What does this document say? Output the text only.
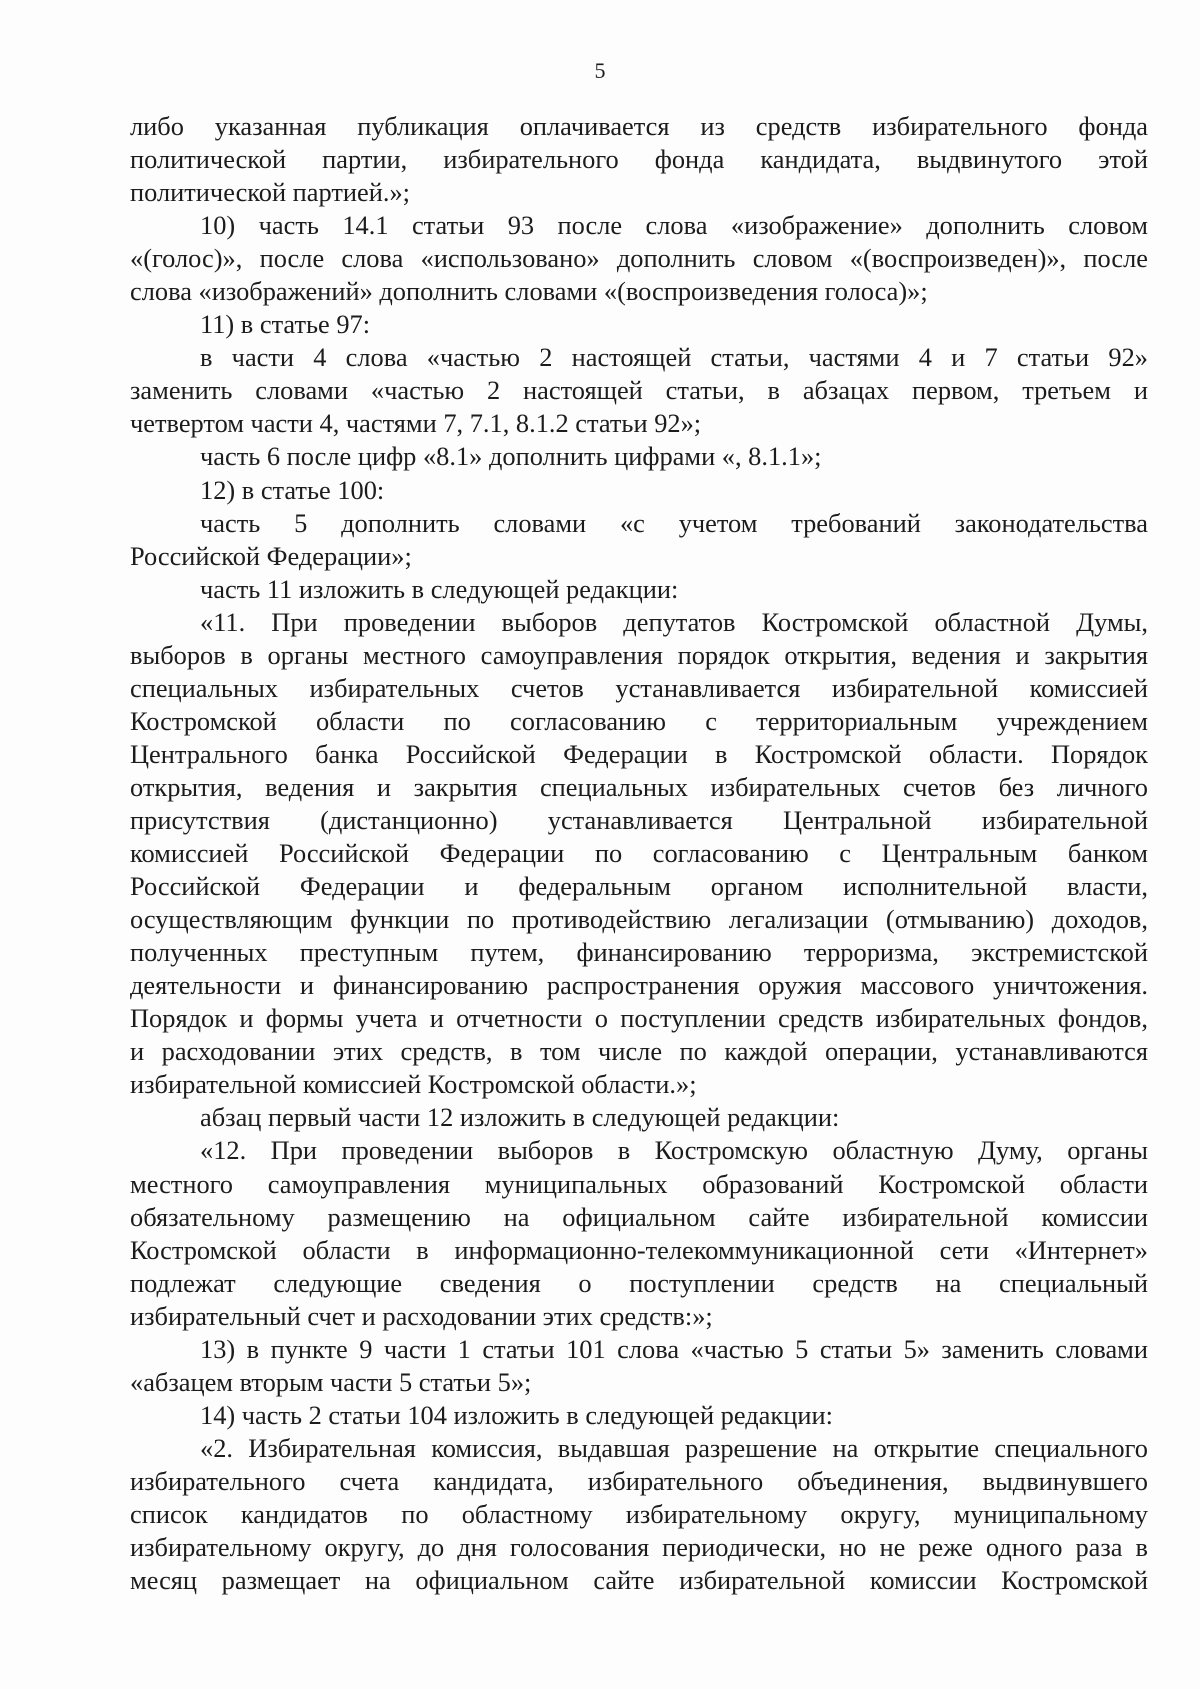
5
либо указанная публикация оплачивается из средств избирательного фонда
политической партии, избирательного фонда кандидата, выдвинутого этой
политической партией.»;
10) часть 14.1 статьи 93 после слова «изображение» дополнить словом
«(голос)», после слова «использовано» дополнить словом «(воспроизведен)», после
слова «изображений» дополнить словами «(воспроизведения голоса)»;
11) в статье 97:
в части 4 слова «частью 2 настоящей статьи, частями 4 и 7 статьи 92»
заменить словами «частью 2 настоящей статьи, в абзацах первом, третьем и
четвертом части 4, частями 7, 7.1, 8.1.2 статьи 92»;
часть 6 после цифр «8.1» дополнить цифрами «, 8.1.1»;
12) в статье 100:
часть 5 дополнить словами «с учетом требований законодательства
Российской Федерации»;
часть 11 изложить в следующей редакции:
«11. При проведении выборов депутатов Костромской областной Думы,
выборов в органы местного самоуправления порядок открытия, ведения и закрытия
специальных избирательных счетов устанавливается избирательной комиссией
Костромской области по согласованию с территориальным учреждением
Центрального банка Российской Федерации в Костромской области. Порядок
открытия, ведения и закрытия специальных избирательных счетов без личного
присутствия (дистанционно) устанавливается Центральной избирательной
комиссией Российской Федерации по согласованию с Центральным банком
Российской Федерации и федеральным органом исполнительной власти,
осуществляющим функции по противодействию легализации (отмыванию) доходов,
полученных преступным путем, финансированию терроризма, экстремистской
деятельности и финансированию распространения оружия массового уничтожения.
Порядок и формы учета и отчетности о поступлении средств избирательных фондов,
и расходовании этих средств, в том числе по каждой операции, устанавливаются
избирательной комиссией Костромской области.»;
абзац первый части 12 изложить в следующей редакции:
«12. При проведении выборов в Костромскую областную Думу, органы
местного самоуправления муниципальных образований Костромской области
обязательному размещению на официальном сайте избирательной комиссии
Костромской области в информационно-телекоммуникационной сети «Интернет»
подлежат следующие сведения о поступлении средств на специальный
избирательный счет и расходовании этих средств:»;
13) в пункте 9 части 1 статьи 101 слова «частью 5 статьи 5» заменить словами
«абзацем вторым части 5 статьи 5»;
14) часть 2 статьи 104 изложить в следующей редакции:
«2. Избирательная комиссия, выдавшая разрешение на открытие специального
избирательного счета кандидата, избирательного объединения, выдвинувшего
список кандидатов по областному избирательному округу, муниципальному
избирательному округу, до дня голосования периодически, но не реже одного раза в
месяц размещает на официальном сайте избирательной комиссии Костромской
